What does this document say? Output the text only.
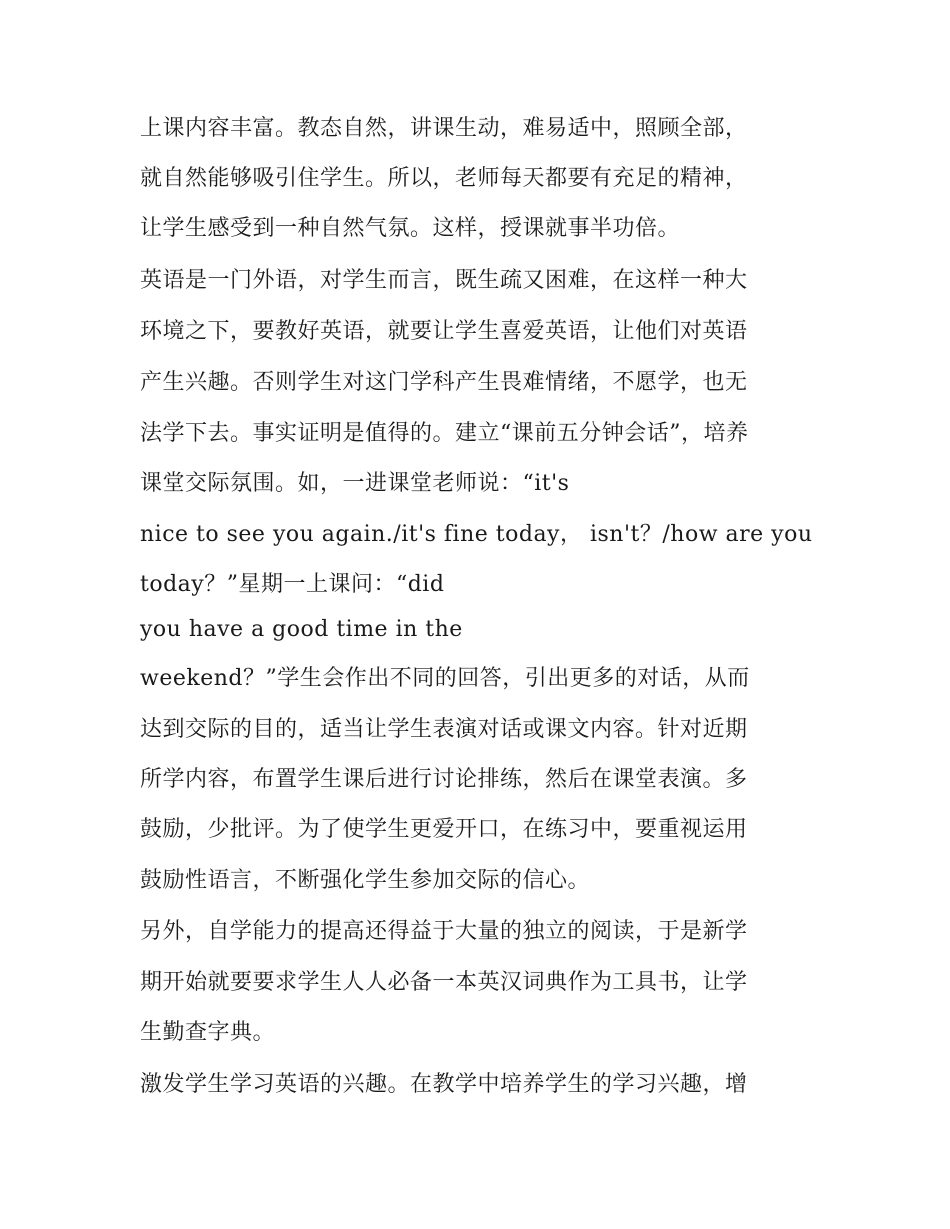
上课内容丰富。教态自然，讲课生动，难易适中，照顾全部，
就自然能够吸引住学生。所以，老师每天都要有充足的精神，
让学生感受到一种自然气氛。这样，授课就事半功倍。
英语是一门外语，对学生而言，既生疏又困难，在这样一种大
环境之下，要教好英语，就要让学生喜爱英语，让他们对英语
产生兴趣。否则学生对这门学科产生畏难情绪，不愿学，也无
法学下去。事实证明是值得的。建立“课前五分钟会话”，培养
课堂交际氛围。如，一进课堂老师说：“it's
nice to see you again./it's fine today， isn't？/how are you
today？”星期一上课问：“did
you have a good time in the
weekend？”学生会作出不同的回答，引出更多的对话，从而
达到交际的目的，适当让学生表演对话或课文内容。针对近期
所学内容，布置学生课后进行讨论排练，然后在课堂表演。多
鼓励，少批评。为了使学生更爱开口，在练习中，要重视运用
鼓励性语言，不断强化学生参加交际的信心。
另外，自学能力的提高还得益于大量的独立的阅读，于是新学
期开始就要要求学生人人必备一本英汉词典作为工具书，让学
生勤查字典。
激发学生学习英语的兴趣。在教学中培养学生的学习兴趣，增
